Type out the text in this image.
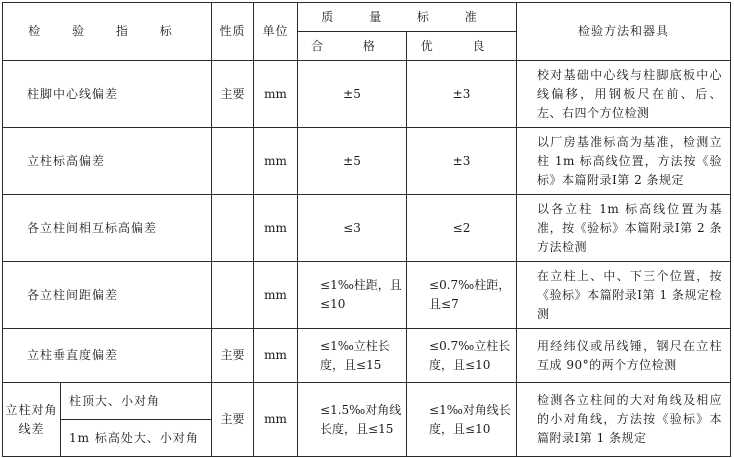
检 验 指 标		性质	单位	质 量 标 准		检验方法和器具
				合 格	优 良	
柱脚中心线偏差		主要	mm	±5	±3	校对基础中心线与柱脚底板中心线偏移，用钢板尺在前、后、左、右四个方位检测
立柱标高偏差			mm	±5	±3	以厂房基准标高为基准，检测立柱 1m 标高线位置，方法按《验标》本篇附录Ⅰ第 2 条规定
各立柱间相互标高偏差			mm	≤3	≤2	以各立柱 1m 标高线位置为基准，按《验标》本篇附录Ⅰ第 2 条方法检测
各立柱间距偏差			mm	≤1‰柱距，且≤10	≤0.7‰柱距，且≤7	在立柱上、中、下三个位置，按《验标》本篇附录Ⅰ第 1 条规定检测
立柱垂直度偏差		主要	mm	≤1‰立柱长度，且≤15	≤0.7‰立柱长度，且≤10	用经纬仪或吊线锤，钢尺在立柱互成 90°的两个方位检测
立柱对角线差	柱顶大、小对角	主要	mm	≤1.5‰对角线长度，且≤15	≤1‰对角线长度，且≤10	检测各立柱间的大对角线及相应的小对角线，方法按《验标》本篇附录Ⅰ第 1 条规定
	1m 标高处大、小对角					
